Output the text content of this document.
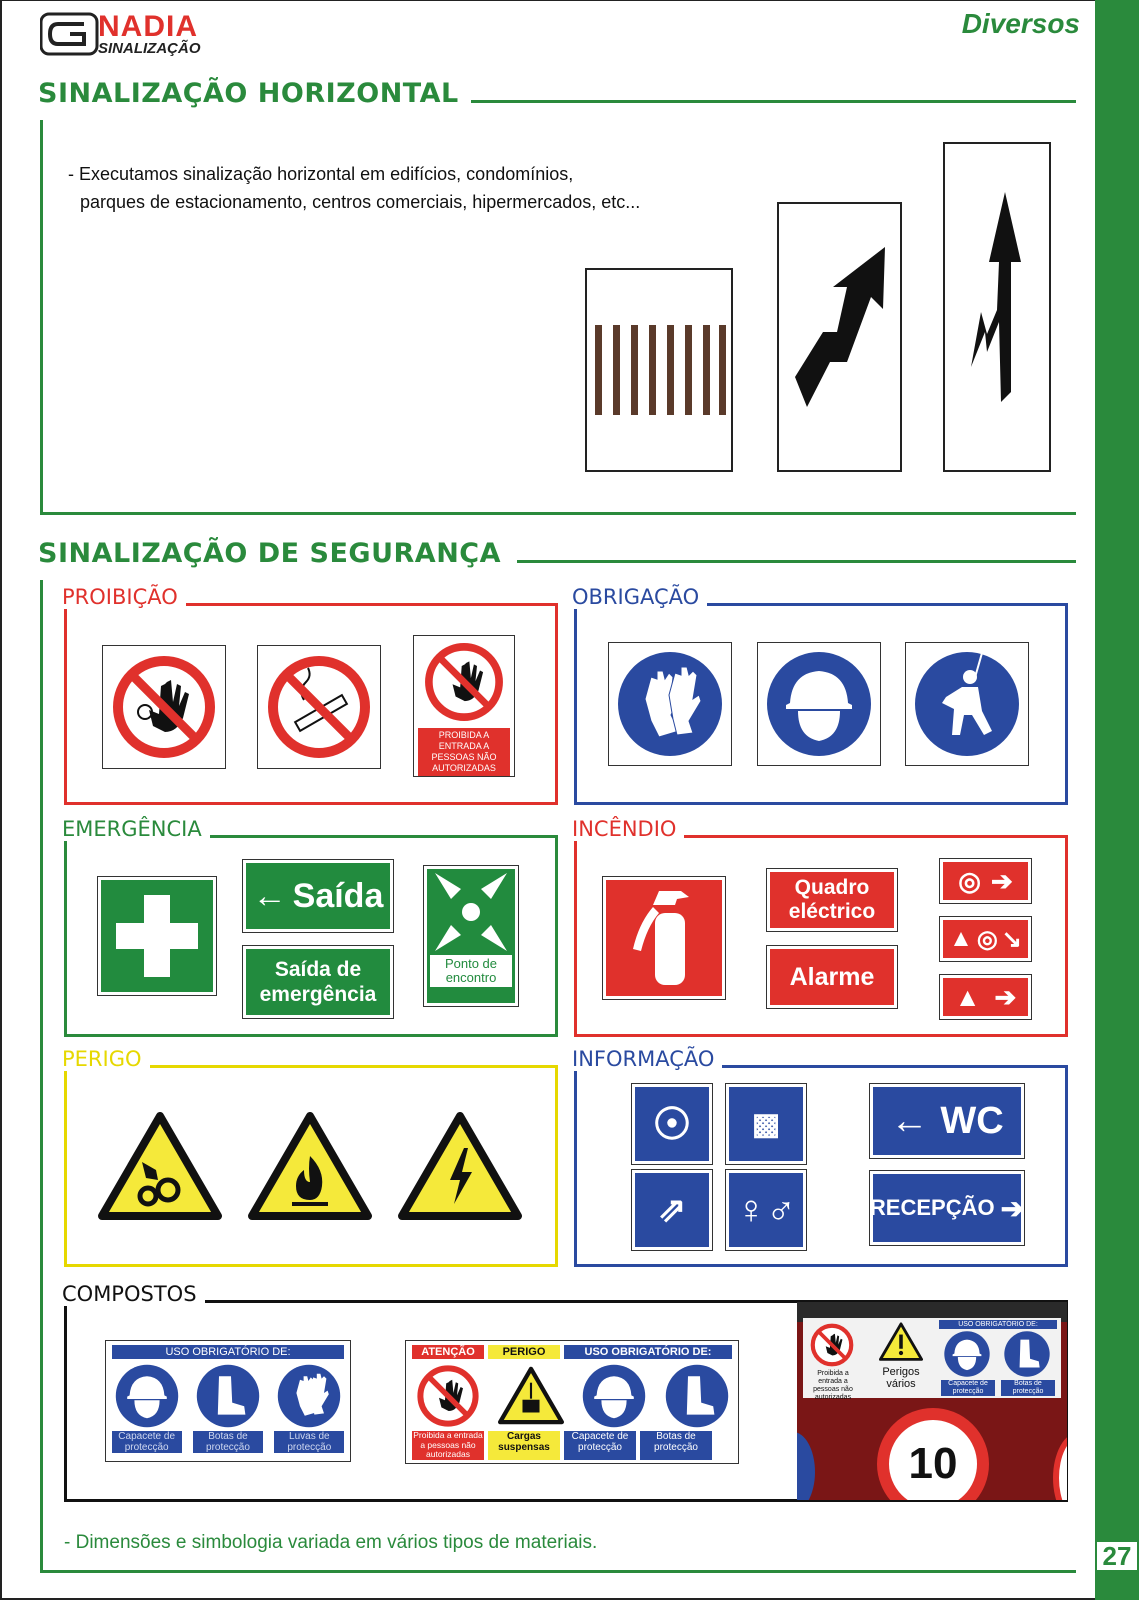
27
NADIA
SINALIZAÇÃO
Diversos
SINALIZAÇÃO HORIZONTAL
- Executamos sinalização horizontal em edifícios, condomínios,
parques de estacionamento, centros comerciais, hipermercados, etc...
SINALIZAÇÃO DE SEGURANÇA
PROIBIÇÃO
PROIBIDA A ENTRADA A PESSOAS NÃO AUTORIZADAS
OBRIGAÇÃO
EMERGÊNCIA
← Saída
Saída de
emergência
Ponto de
encontro
INCÊNDIO
Quadro
eléctrico
Alarme
◎ ➔
▲ ◎ ↘
▲ ➔
PERIGO	INFORMAÇÃO
☉ ▩
⇗ ♀♂
← WC
RECEPÇÃO ➔
COMPOSTOS
USO OBRIGATÓRIO DE:
Capacete de protecção
Botas de protecção
Luvas de protecção
ATENÇÃO	PERIGO	USO OBRIGATÓRIO DE:
Proibida a entrada a pessoas não autorizadas
Cargas suspensas
Capacete de protecção
Botas de protecção
Proibida a entrada a pessoas não autorizadas
Perigos vários
USO OBRIGATÓRIO DE:
Capacete de protecção
Botas de protecção
10
- Dimensões e simbologia variada em vários tipos de materiais.
